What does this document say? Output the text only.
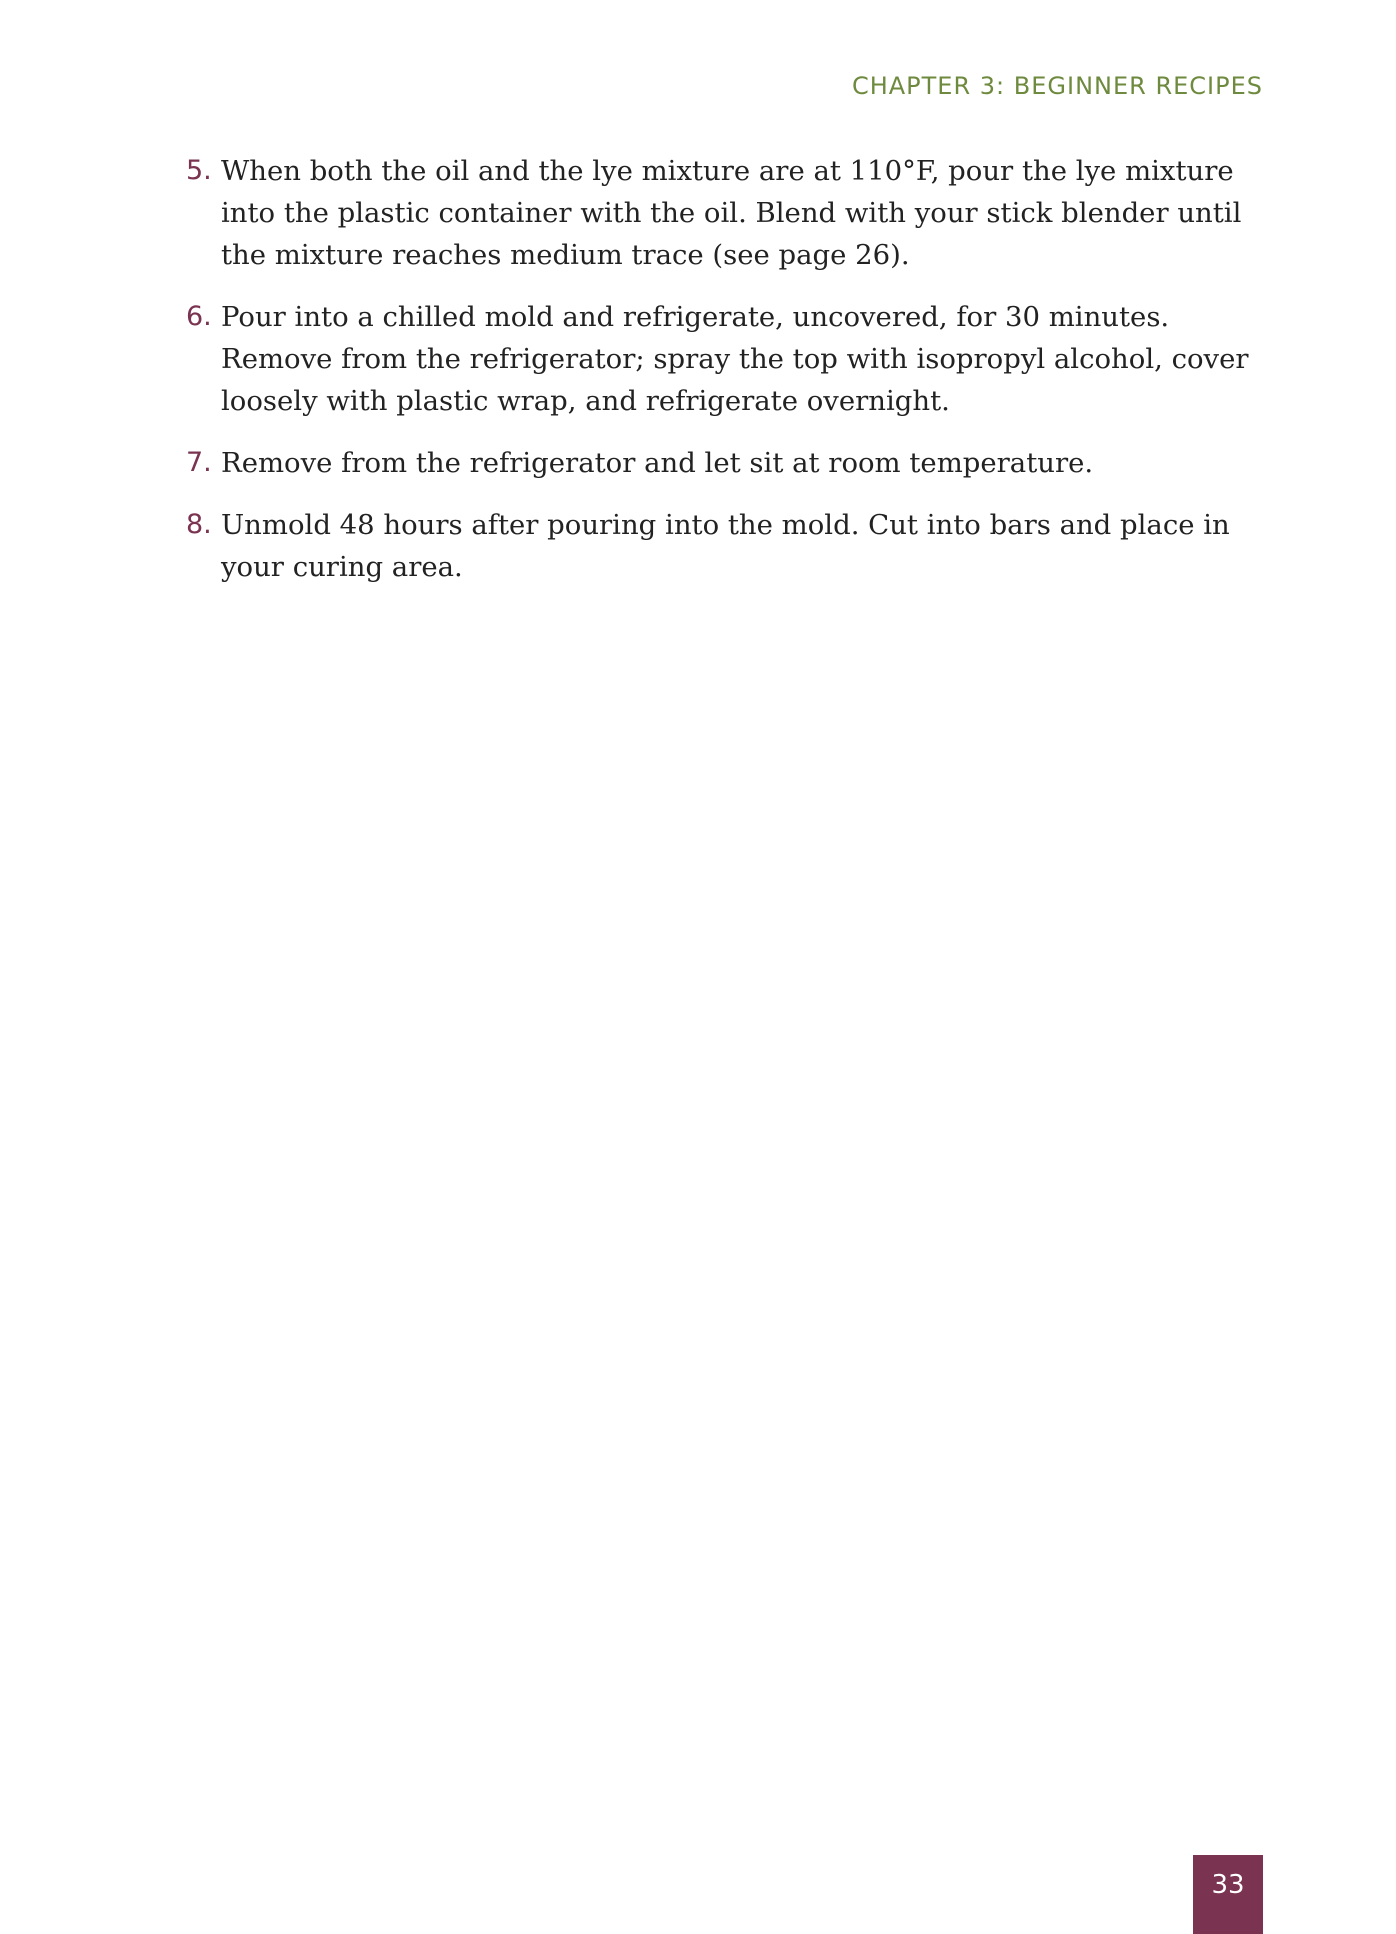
CHAPTER 3: BEGINNER RECIPES
5. When both the oil and the lye mixture are at 110°F, pour the lye mixture into the plastic container with the oil. Blend with your stick blender until the mixture reaches medium trace (see page 26).
6. Pour into a chilled mold and refrigerate, uncovered, for 30 minutes. Remove from the refrigerator; spray the top with isopropyl alcohol, cover loosely with plastic wrap, and refrigerate overnight.
7. Remove from the refrigerator and let sit at room temperature.
8. Unmold 48 hours after pouring into the mold. Cut into bars and place in your curing area.
33
